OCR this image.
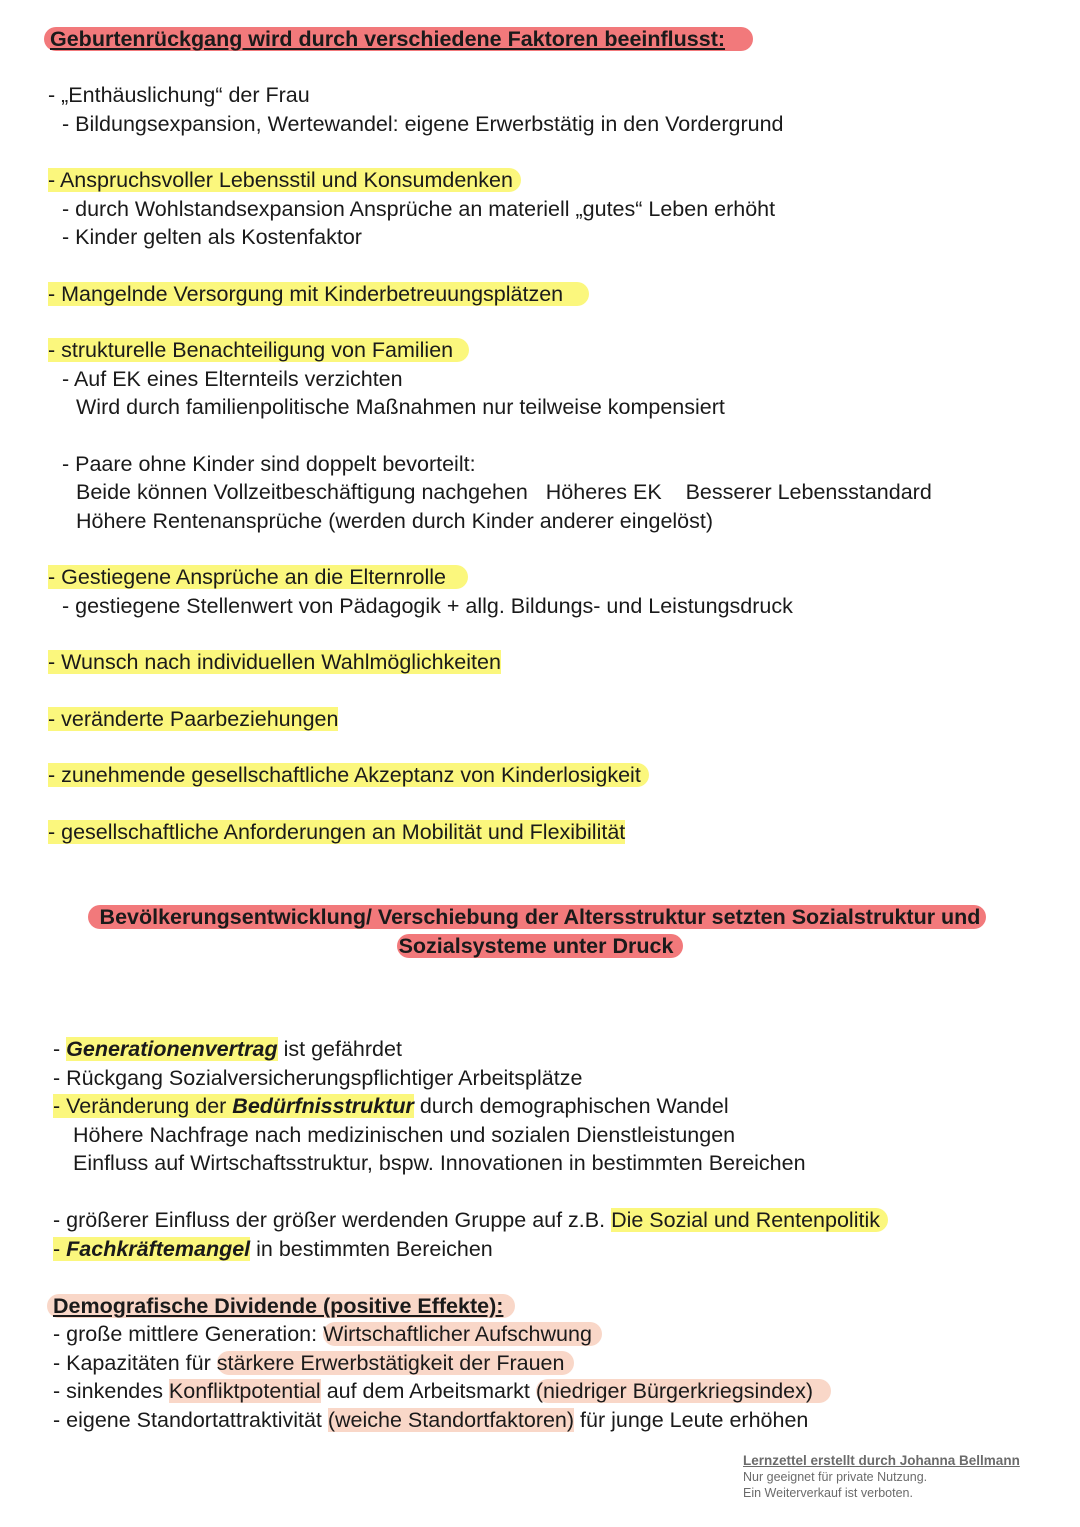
Geburtenrückgang wird durch verschiedene Faktoren beeinflusst:
- „Enthäuslichung“ der Frau
- Bildungsexpansion, Wertewandel: eigene Erwerbstätig in den Vordergrund
- Anspruchsvoller Lebensstil und Konsumdenken
- durch Wohlstandsexpansion Ansprüche an materiell „gutes“ Leben erhöht
- Kinder gelten als Kostenfaktor
- Mangelnde Versorgung mit Kinderbetreuungsplätzen
- strukturelle Benachteiligung von Familien
- Auf EK eines Elternteils verzichten
Wird durch familienpolitische Maßnahmen nur teilweise kompensiert
- Paare ohne Kinder sind doppelt bevorteilt:
Beide können Vollzeitbeschäftigung nachgehen   Höheres EK    Besserer Lebensstandard
Höhere Rentenansprüche (werden durch Kinder anderer eingelöst)
- Gestiegene Ansprüche an die Elternrolle
- gestiegene Stellenwert von Pädagogik + allg. Bildungs- und Leistungsdruck
- Wunsch nach individuellen Wahlmöglichkeiten
- veränderte Paarbeziehungen
- zunehmende gesellschaftliche Akzeptanz von Kinderlosigkeit
- gesellschaftliche Anforderungen an Mobilität und Flexibilität
Bevölkerungsentwicklung/ Verschiebung der Altersstruktur setzten Sozialstruktur und
Sozialsysteme unter Druck
- Generationenvertrag ist gefährdet
- Rückgang Sozialversicherungspflichtiger Arbeitsplätze
- Veränderung der Bedürfnisstruktur durch demographischen Wandel
Höhere Nachfrage nach medizinischen und sozialen Dienstleistungen
Einfluss auf Wirtschaftsstruktur, bspw. Innovationen in bestimmten Bereichen
- größerer Einfluss der größer werdenden Gruppe auf z.B. Die Sozial und Rentenpolitik
- Fachkräftemangel in bestimmten Bereichen
Demografische Dividende (positive Effekte):
- große mittlere Generation: Wirtschaftlicher Aufschwung
- Kapazitäten für stärkere Erwerbstätigkeit der Frauen
- sinkendes Konfliktpotential auf dem Arbeitsmarkt (niedriger Bürgerkriegsindex)
- eigene Standortattraktivität (weiche Standortfaktoren) für junge Leute erhöhen
Lernzettel erstellt durch Johanna Bellmann
Nur geeignet für private Nutzung.
Ein Weiterverkauf ist verboten.
